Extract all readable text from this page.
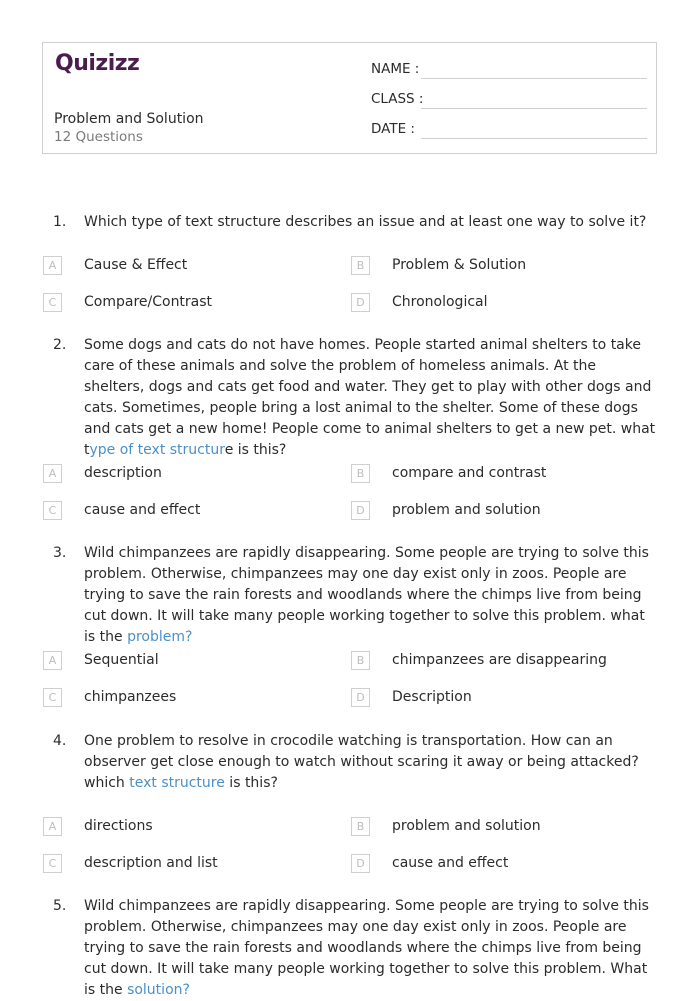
Quizizz
Problem and Solution
12 Questions
NAME :
CLASS :
DATE :
1. Which type of text structure describes an issue and at least one way to solve it?
A	Cause & Effect	B	Problem & Solution
C	Compare/Contrast	D	Chronological
2. Some dogs and cats do not have homes. People started animal shelters to take care of these animals and solve the problem of homeless animals. At the shelters, dogs and cats get food and water. They get to play with other dogs and cats. Sometimes, people bring a lost animal to the shelter. Some of these dogs and cats get a new home! People come to animal shelters to get a new pet. what type of text structure is this?
A	description	B	compare and contrast
C	cause and effect	D	problem and solution
3. Wild chimpanzees are rapidly disappearing. Some people are trying to solve this problem. Otherwise, chimpanzees may one day exist only in zoos. People are trying to save the rain forests and woodlands where the chimps live from being cut down. It will take many people working together to solve this problem. what is the problem?
A	Sequential	B	chimpanzees are disappearing
C	chimpanzees	D	Description
4. One problem to resolve in crocodile watching is transportation. How can an observer get close enough to watch without scaring it away or being attacked? which text structure is this?
A	directions	B	problem and solution
C	description and list	D	cause and effect
5. Wild chimpanzees are rapidly disappearing. Some people are trying to solve this problem. Otherwise, chimpanzees may one day exist only in zoos. People are trying to save the rain forests and woodlands where the chimps live from being cut down. It will take many people working together to solve this problem. What is the solution?
